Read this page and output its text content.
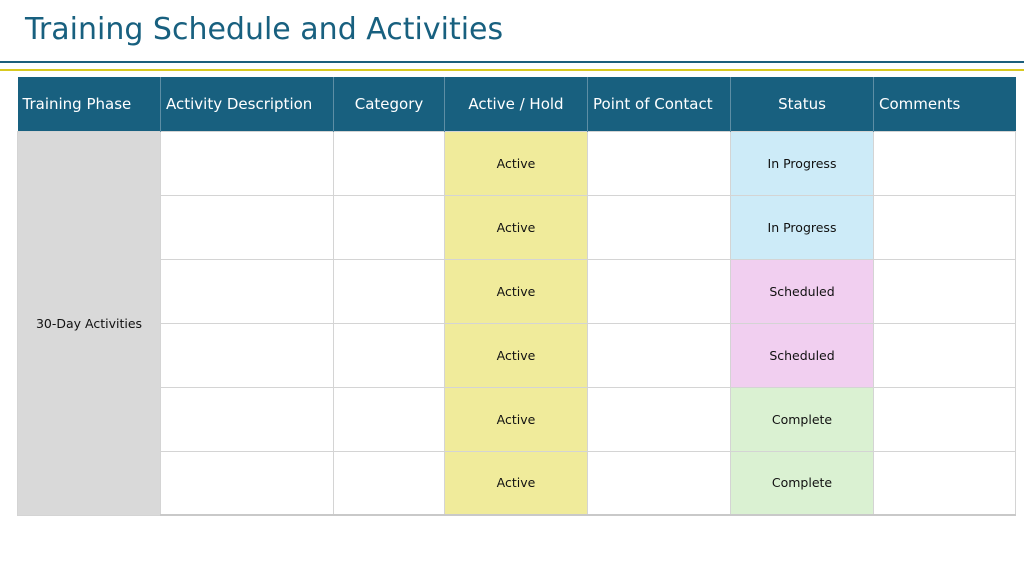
Training Schedule and Activities
Training Phase	Activity Description	Category	Active / Hold	Point of Contact	Status	Comments
30-Day Activities			Active		In Progress	
			Active		In Progress	
			Active		Scheduled	
			Active		Scheduled	
			Active		Complete	
			Active		Complete	
